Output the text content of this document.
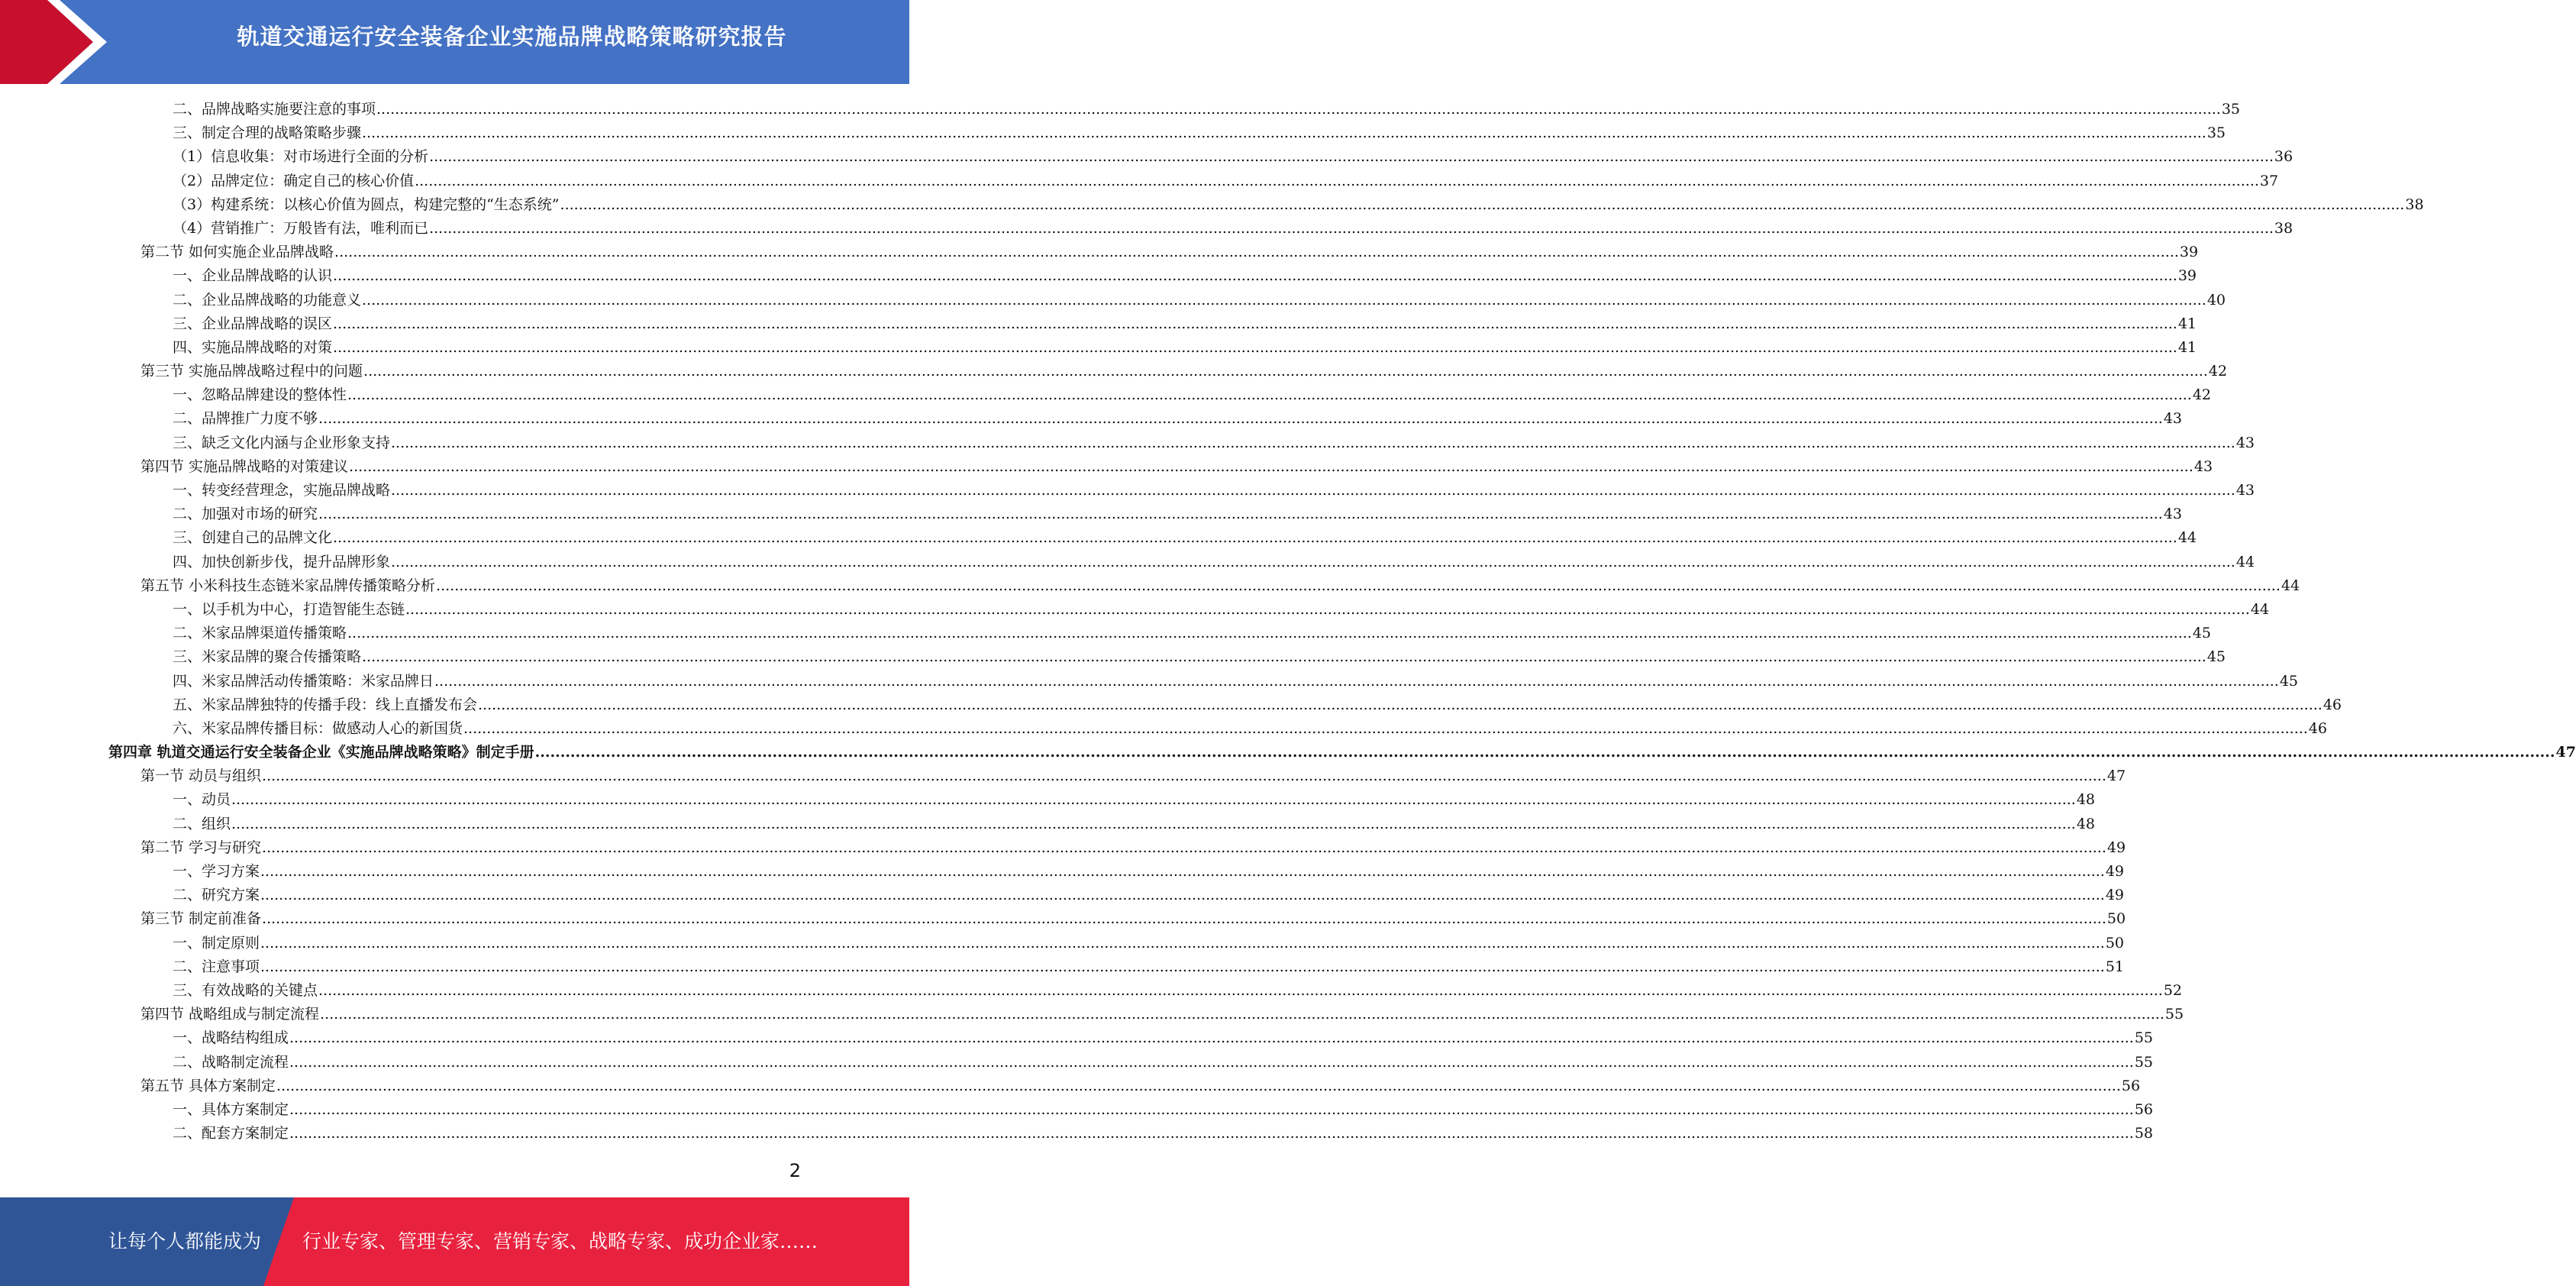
轨道交通运行安全装备企业实施品牌战略策略研究报告
二、品牌战略实施要注意的事项 ................................................................................................................................................................................................................................................................................................................................................................................................................ 35
三、制定合理的战略策略步骤 ................................................................................................................................................................................................................................................................................................................................................................................................................ 35
（1）信息收集：对市场进行全面的分析 ................................................................................................................................................................................................................................................................................................................................................................................................................ 36
（2）品牌定位：确定自己的核心价值 ................................................................................................................................................................................................................................................................................................................................................................................................................ 37
（3）构建系统：以核心价值为圆点，构建完整的“生态系统” ................................................................................................................................................................................................................................................................................................................................................................................................................ 38
（4）营销推广：万般皆有法，唯利而已 ................................................................................................................................................................................................................................................................................................................................................................................................................ 38
第二节 如何实施企业品牌战略 ................................................................................................................................................................................................................................................................................................................................................................................................................ 39
一、企业品牌战略的认识 ................................................................................................................................................................................................................................................................................................................................................................................................................ 39
二、企业品牌战略的功能意义 ................................................................................................................................................................................................................................................................................................................................................................................................................ 40
三、企业品牌战略的误区 ................................................................................................................................................................................................................................................................................................................................................................................................................ 41
四、实施品牌战略的对策 ................................................................................................................................................................................................................................................................................................................................................................................................................ 41
第三节 实施品牌战略过程中的问题 ................................................................................................................................................................................................................................................................................................................................................................................................................ 42
一、忽略品牌建设的整体性 ................................................................................................................................................................................................................................................................................................................................................................................................................ 42
二、品牌推广力度不够 ................................................................................................................................................................................................................................................................................................................................................................................................................ 43
三、缺乏文化内涵与企业形象支持 ................................................................................................................................................................................................................................................................................................................................................................................................................ 43
第四节 实施品牌战略的对策建议 ................................................................................................................................................................................................................................................................................................................................................................................................................ 43
一、转变经营理念，实施品牌战略 ................................................................................................................................................................................................................................................................................................................................................................................................................ 43
二、加强对市场的研究 ................................................................................................................................................................................................................................................................................................................................................................................................................ 43
三、创建自己的品牌文化 ................................................................................................................................................................................................................................................................................................................................................................................................................ 44
四、加快创新步伐，提升品牌形象 ................................................................................................................................................................................................................................................................................................................................................................................................................ 44
第五节 小米科技生态链米家品牌传播策略分析 ................................................................................................................................................................................................................................................................................................................................................................................................................ 44
一、以手机为中心，打造智能生态链 ................................................................................................................................................................................................................................................................................................................................................................................................................ 44
二、米家品牌渠道传播策略 ................................................................................................................................................................................................................................................................................................................................................................................................................ 45
三、米家品牌的聚合传播策略 ................................................................................................................................................................................................................................................................................................................................................................................................................ 45
四、米家品牌活动传播策略：米家品牌日 ................................................................................................................................................................................................................................................................................................................................................................................................................ 45
五、米家品牌独特的传播手段：线上直播发布会 ................................................................................................................................................................................................................................................................................................................................................................................................................ 46
六、米家品牌传播目标：做感动人心的新国货 ................................................................................................................................................................................................................................................................................................................................................................................................................ 46
第四章 轨道交通运行安全装备企业《实施品牌战略策略》制定手册 ................................................................................................................................................................................................................................................................................................................................................................................................................ 47
第一节 动员与组织 ................................................................................................................................................................................................................................................................................................................................................................................................................ 47
一、动员 ................................................................................................................................................................................................................................................................................................................................................................................................................ 48
二、组织 ................................................................................................................................................................................................................................................................................................................................................................................................................ 48
第二节 学习与研究 ................................................................................................................................................................................................................................................................................................................................................................................................................ 49
一、学习方案 ................................................................................................................................................................................................................................................................................................................................................................................................................ 49
二、研究方案 ................................................................................................................................................................................................................................................................................................................................................................................................................ 49
第三节 制定前准备 ................................................................................................................................................................................................................................................................................................................................................................................................................ 50
一、制定原则 ................................................................................................................................................................................................................................................................................................................................................................................................................ 50
二、注意事项 ................................................................................................................................................................................................................................................................................................................................................................................................................ 51
三、有效战略的关键点 ................................................................................................................................................................................................................................................................................................................................................................................................................ 52
第四节 战略组成与制定流程 ................................................................................................................................................................................................................................................................................................................................................................................................................ 55
一、战略结构组成 ................................................................................................................................................................................................................................................................................................................................................................................................................ 55
二、战略制定流程 ................................................................................................................................................................................................................................................................................................................................................................................................................ 55
第五节 具体方案制定 ................................................................................................................................................................................................................................................................................................................................................................................................................ 56
一、具体方案制定 ................................................................................................................................................................................................................................................................................................................................................................................................................ 56
二、配套方案制定 ................................................................................................................................................................................................................................................................................................................................................................................................................ 58
2
让每个人都能成为 行业专家、管理专家、营销专家、战略专家、成功企业家……
